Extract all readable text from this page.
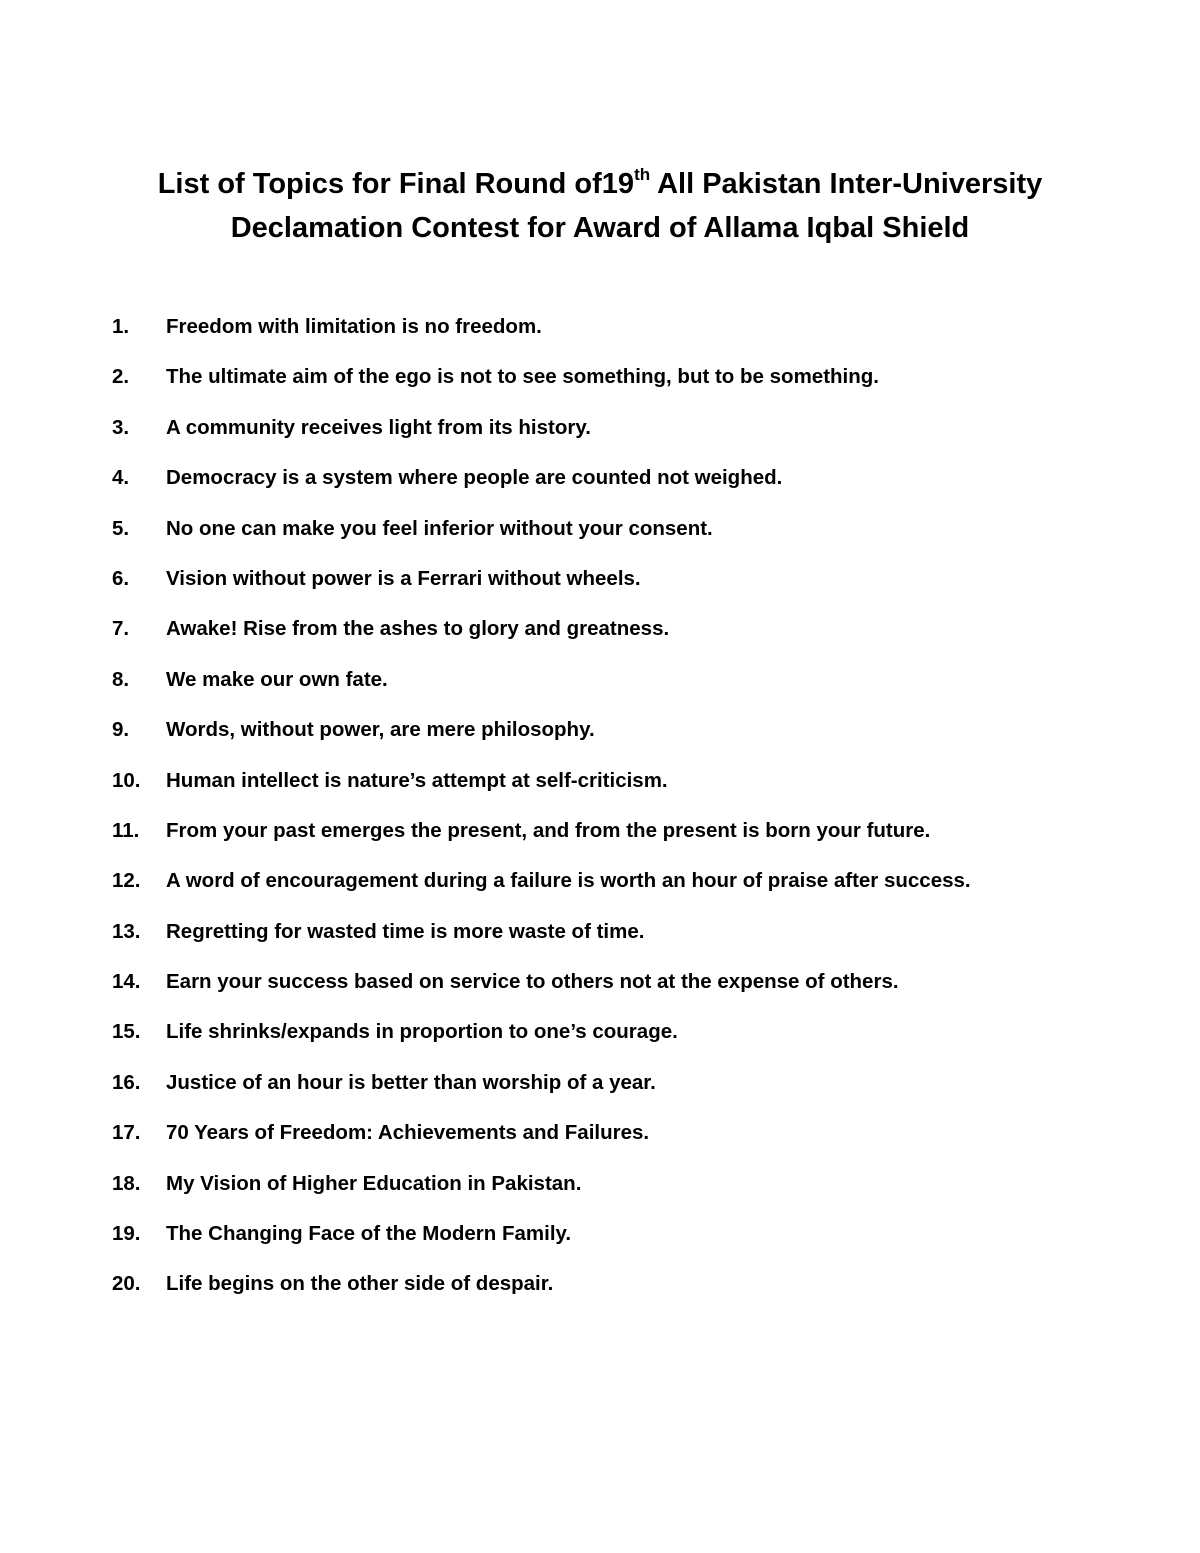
List of Topics for Final Round of19th All Pakistan Inter-University
Declamation Contest for Award of Allama Iqbal Shield
1.	Freedom with limitation is no freedom.
2.	The ultimate aim of the ego is not to see something, but to be something.
3.	A community receives light from its history.
4.	Democracy is a system where people are counted not weighed.
5.	No one can make you feel inferior without your consent.
6.	Vision without power is a Ferrari without wheels.
7.	Awake! Rise from the ashes to glory and greatness.
8.	We make our own fate.
9.	Words, without power, are mere philosophy.
10.	Human intellect is nature’s attempt at self-criticism.
11.	From your past emerges the present, and from the present is born your future.
12.	A word of encouragement during a failure is worth an hour of praise after success.
13.	Regretting for wasted time is more waste of time.
14.	Earn your success based on service to others not at the expense of others.
15.	Life shrinks/expands in proportion to one’s courage.
16.	Justice of an hour is better than worship of a year.
17.	70 Years of Freedom: Achievements and Failures.
18.	My Vision of Higher Education in Pakistan.
19.	The Changing Face of the Modern Family.
20.	Life begins on the other side of despair.
